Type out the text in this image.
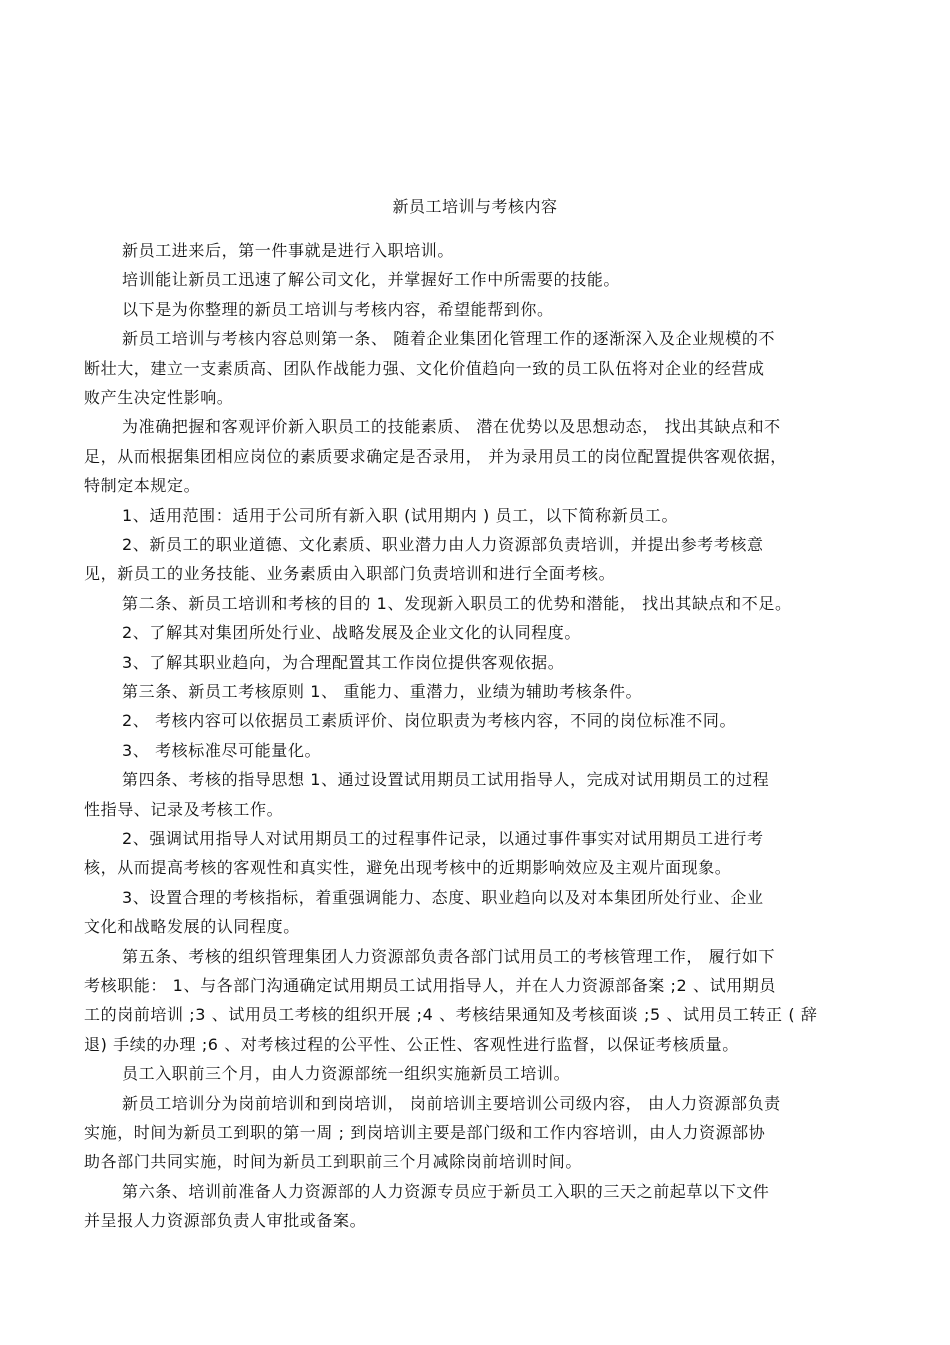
新员工培训与考核内容
新员工进来后，第一件事就是进行入职培训。
培训能让新员工迅速了解公司文化，并掌握好工作中所需要的技能。
以下是为你整理的新员工培训与考核内容，希望能帮到你。
新员工培训与考核内容总则第一条、 随着企业集团化管理工作的逐渐深入及企业规模的不
断壮大，建立一支素质高、团队作战能力强、文化价值趋向一致的员工队伍将对企业的经营成
败产生决定性影响。
为准确把握和客观评价新入职员工的技能素质、 潜在优势以及思想动态， 找出其缺点和不
足，从而根据集团相应岗位的素质要求确定是否录用， 并为录用员工的岗位配置提供客观依据，
特制定本规定。
1、适用范围：适用于公司所有新入职 (试用期内 ) 员工，以下简称新员工。
2、新员工的职业道德、文化素质、职业潜力由人力资源部负责培训，并提出参考考核意
见，新员工的业务技能、业务素质由入职部门负责培训和进行全面考核。
第二条、新员工培训和考核的目的 1、发现新入职员工的优势和潜能， 找出其缺点和不足。
2、了解其对集团所处行业、战略发展及企业文化的认同程度。
3、了解其职业趋向，为合理配置其工作岗位提供客观依据。
第三条、新员工考核原则 1、 重能力、重潜力，业绩为辅助考核条件。
2、 考核内容可以依据员工素质评价、岗位职责为考核内容，不同的岗位标准不同。
3、 考核标准尽可能量化。
第四条、考核的指导思想 1、通过设置试用期员工试用指导人，完成对试用期员工的过程
性指导、记录及考核工作。
2、强调试用指导人对试用期员工的过程事件记录，以通过事件事实对试用期员工进行考
核，从而提高考核的客观性和真实性，避免出现考核中的近期影响效应及主观片面现象。
3、设置合理的考核指标，着重强调能力、态度、职业趋向以及对本集团所处行业、企业
文化和战略发展的认同程度。
第五条、考核的组织管理集团人力资源部负责各部门试用员工的考核管理工作， 履行如下
考核职能： 1、与各部门沟通确定试用期员工试用指导人，并在人力资源部备案 ;2 、试用期员
工的岗前培训 ;3 、试用员工考核的组织开展 ;4 、考核结果通知及考核面谈 ;5 、试用员工转正 ( 辞
退) 手续的办理 ;6 、对考核过程的公平性、公正性、客观性进行监督，以保证考核质量。
员工入职前三个月，由人力资源部统一组织实施新员工培训。
新员工培训分为岗前培训和到岗培训， 岗前培训主要培训公司级内容， 由人力资源部负责
实施，时间为新员工到职的第一周 ; 到岗培训主要是部门级和工作内容培训，由人力资源部协
助各部门共同实施，时间为新员工到职前三个月减除岗前培训时间。
第六条、培训前准备人力资源部的人力资源专员应于新员工入职的三天之前起草以下文件
并呈报人力资源部负责人审批或备案。
